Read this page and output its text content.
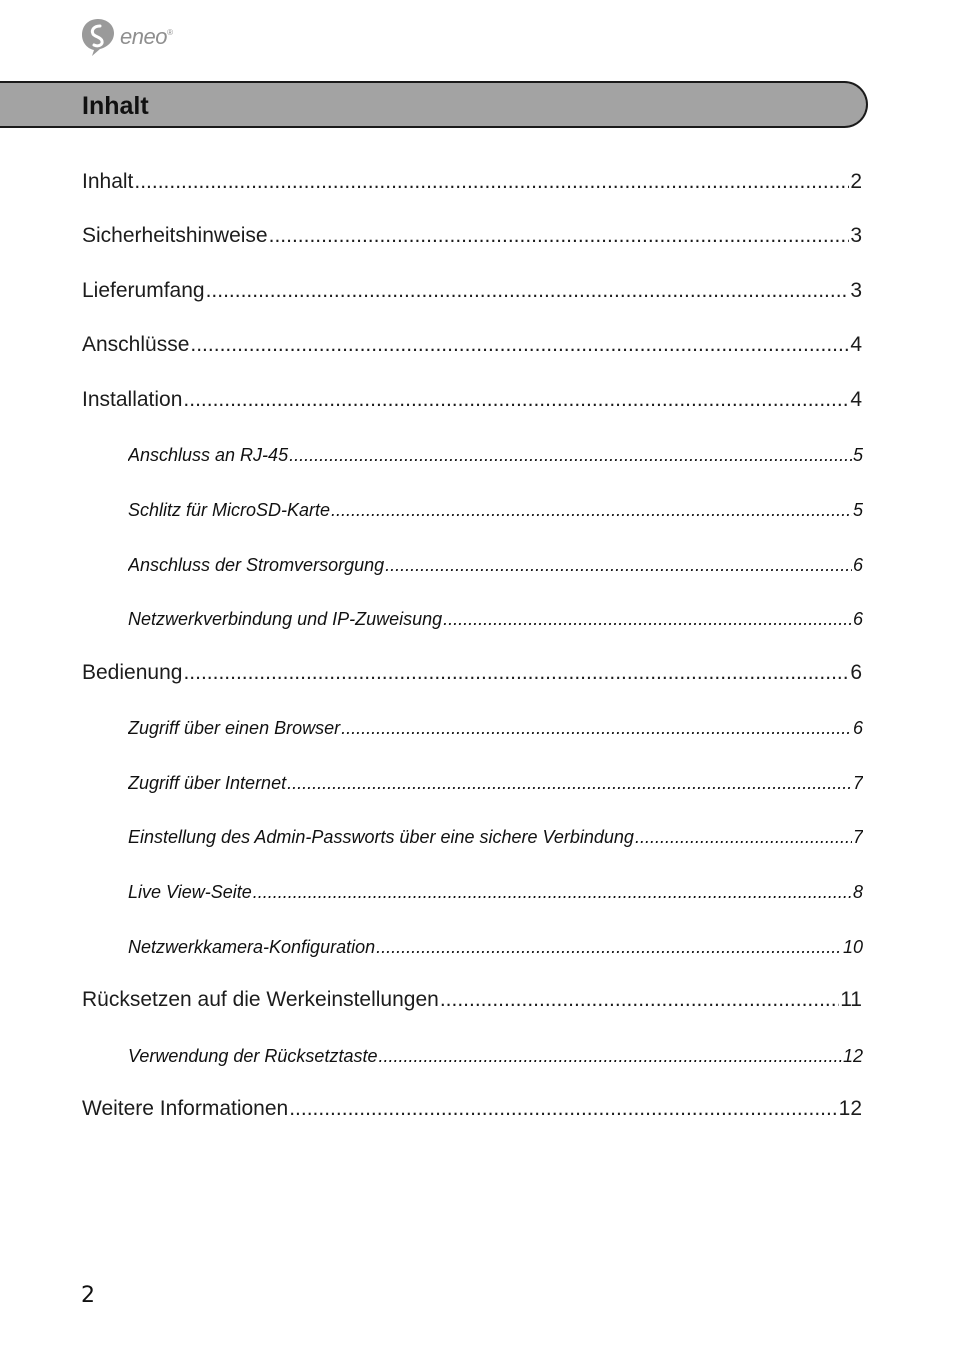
eneo®
Inhalt
Inhalt .....	2
Sicherheitshinweise .....	3
Lieferumfang .....	3
Anschlüsse .....	4
Installation .....	4
Anschluss an RJ-45 .....	5
Schlitz für MicroSD-Karte .....	5
Anschluss der Stromversorgung .....	6
Netzwerkverbindung und IP-Zuweisung .....	6
Bedienung .....	6
Zugriff über einen Browser .....	6
Zugriff über Internet .....	7
Einstellung des Admin-Passworts über eine sichere Verbindung .....	7
Live View-Seite .....	8
Netzwerkkamera-Konfiguration .....	10
Rücksetzen auf die Werkeinstellungen .....	11
Verwendung der Rücksetztaste .....	12
Weitere Informationen .....	12
2
